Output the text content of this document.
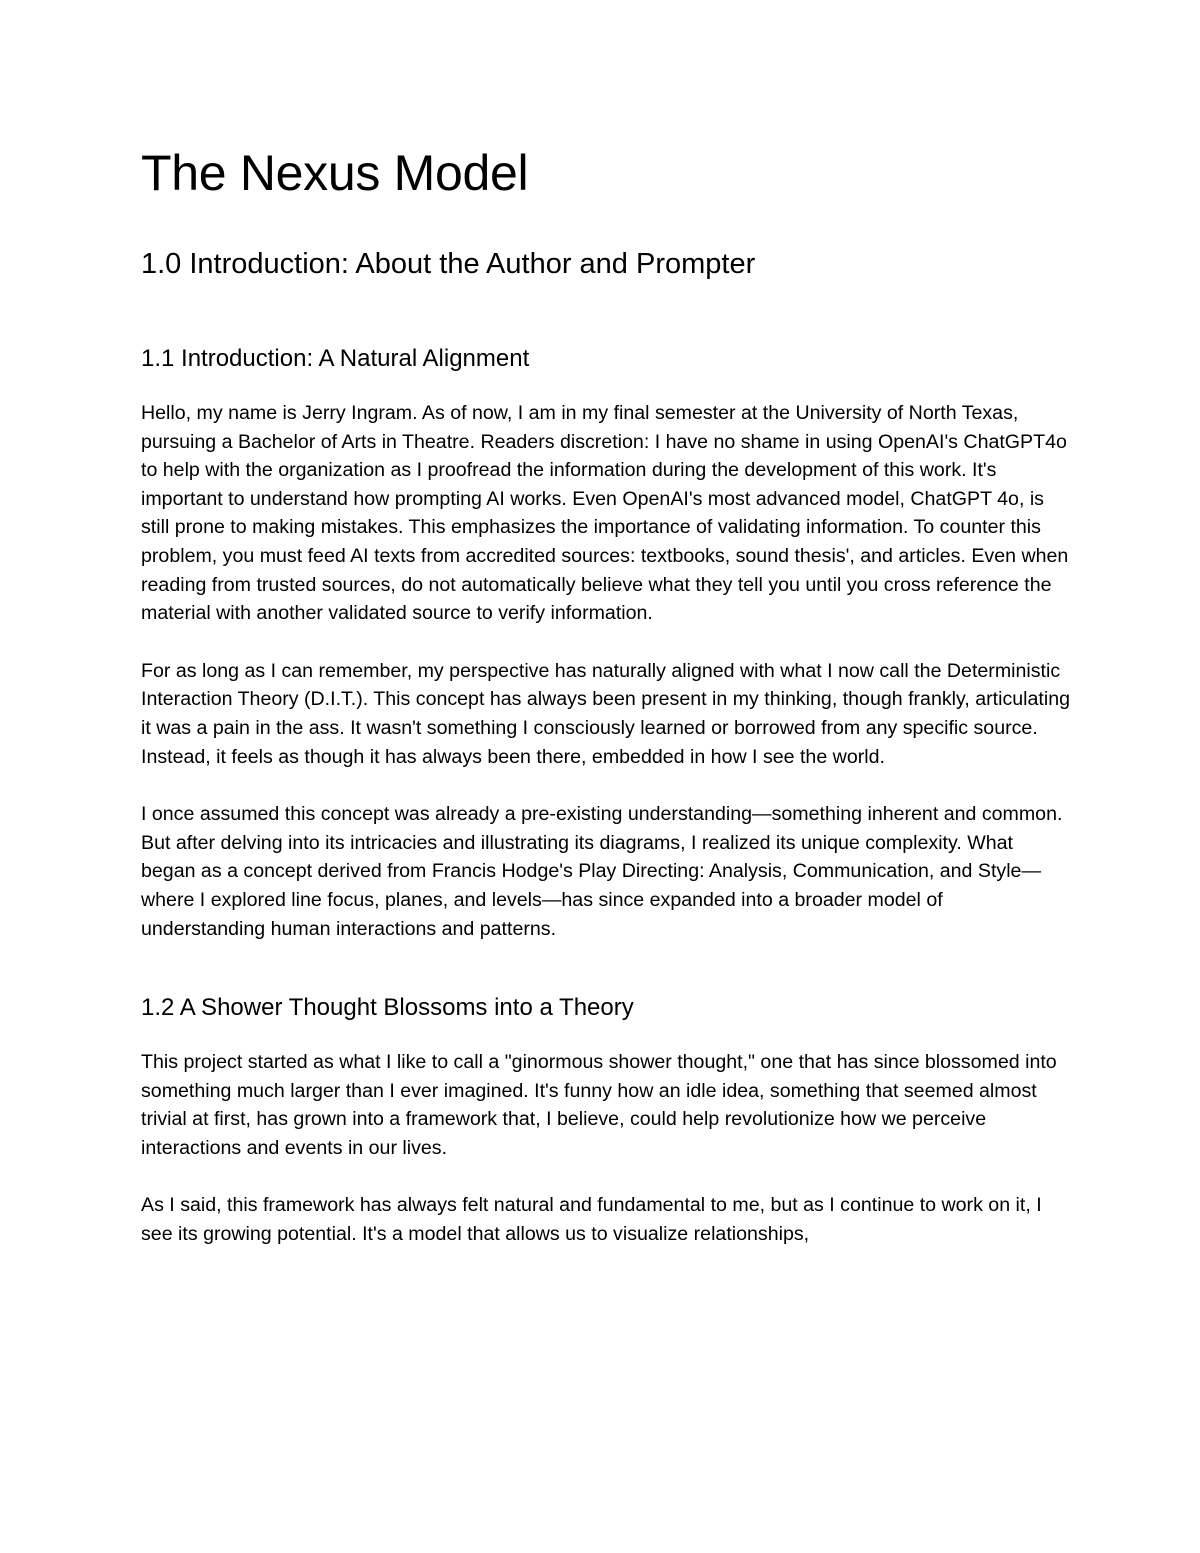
The Nexus Model
1.0 Introduction: About the Author and Prompter
1.1 Introduction: A Natural Alignment

Hello, my name is Jerry Ingram. As of now, I am in my final semester at the University of North Texas, pursuing a Bachelor of Arts in Theatre. Readers discretion: I have no shame in using OpenAI's ChatGPT4o to help with the organization as I proofread the information during the development of this work. It's important to understand how prompting AI works. Even OpenAI's most advanced model, ChatGPT 4o, is still prone to making mistakes. This emphasizes the importance of validating information. To counter this problem, you must feed AI texts from accredited sources: textbooks, sound thesis', and articles. Even when reading from trusted sources, do not automatically believe what they tell you until you cross reference the material with another validated source to verify information.

For as long as I can remember, my perspective has naturally aligned with what I now call the Deterministic Interaction Theory (D.I.T.). This concept has always been present in my thinking, though frankly, articulating it was a pain in the ass. It wasn't something I consciously learned or borrowed from any specific source. Instead, it feels as though it has always been there, embedded in how I see the world.

I once assumed this concept was already a pre-existing understanding—something inherent and common. But after delving into its intricacies and illustrating its diagrams, I realized its unique complexity. What began as a concept derived from Francis Hodge's Play Directing: Analysis, Communication, and Style—where I explored line focus, planes, and levels—has since expanded into a broader model of understanding human interactions and patterns.

1.2 A Shower Thought Blossoms into a Theory

This project started as what I like to call a "ginormous shower thought," one that has since blossomed into something much larger than I ever imagined. It's funny how an idle idea, something that seemed almost trivial at first, has grown into a framework that, I believe, could help revolutionize how we perceive interactions and events in our lives.

As I said, this framework has always felt natural and fundamental to me, but as I continue to work on it, I see its growing potential. It's a model that allows us to visualize relationships,
